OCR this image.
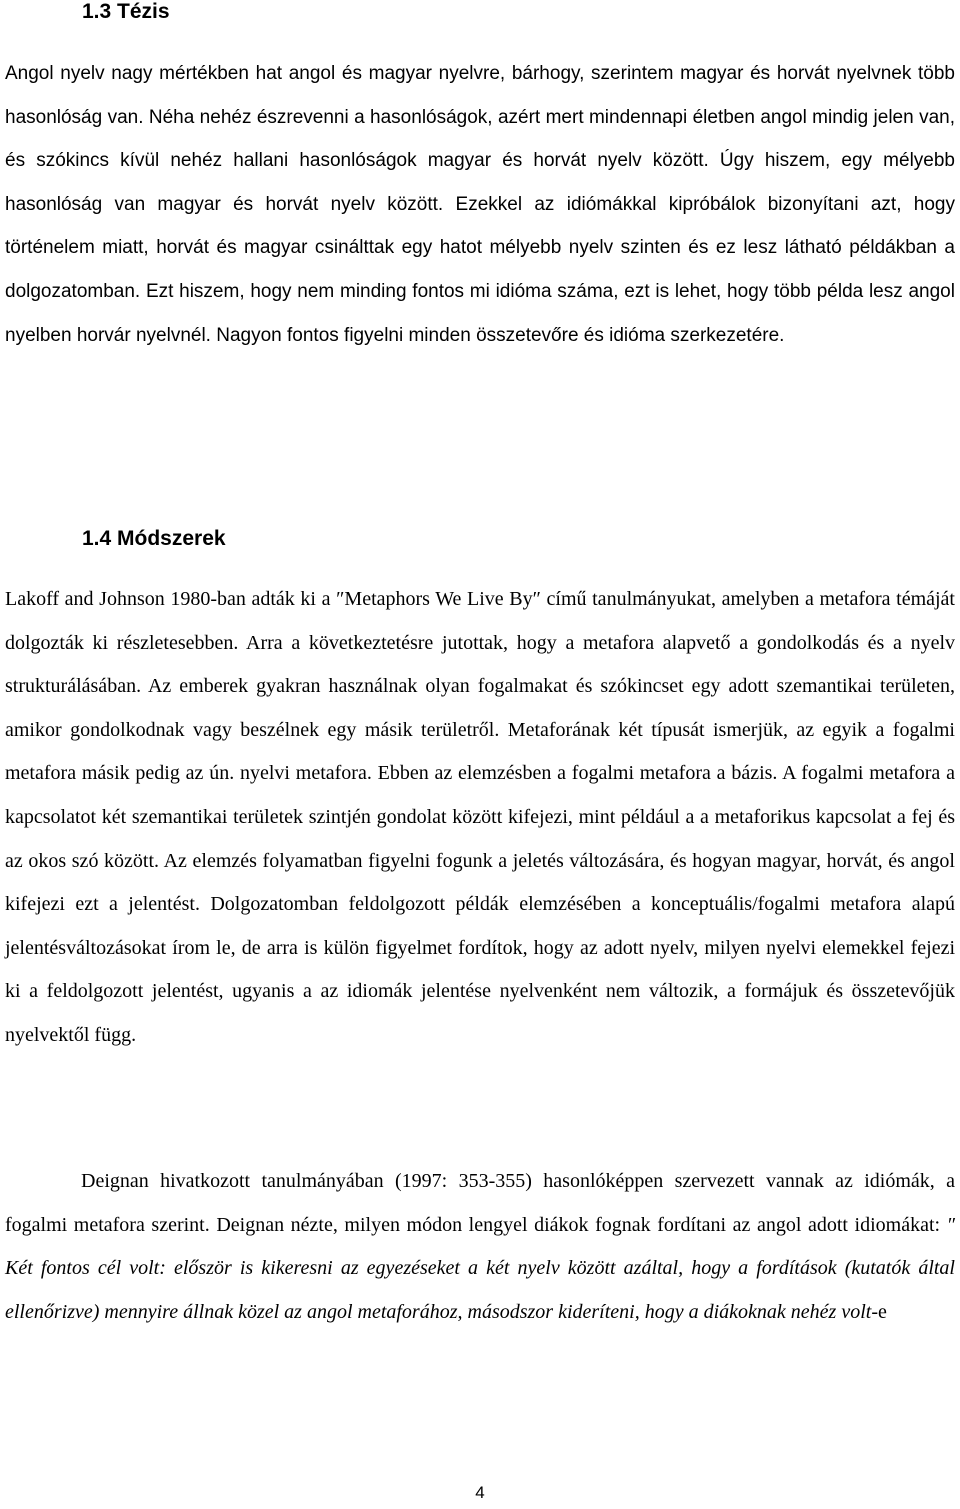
1.3 Tézis

Angol nyelv nagy mértékben hat angol és magyar nyelvre, bárhogy, szerintem magyar és horvát nyelvnek több hasonlóság van. Néha nehéz észrevenni a hasonlóságok, azért mert mindennapi életben angol mindig jelen van, és szókincs kívül nehéz hallani hasonlóságok magyar és horvát nyelv között. Úgy hiszem, egy mélyebb hasonlóság van magyar és horvát nyelv között. Ezekkel az idiómákkal kipróbálok bizonyítani azt, hogy történelem miatt, horvát és magyar csinálttak egy hatot mélyebb nyelv szinten és ez lesz látható példákban a dolgozatomban. Ezt hiszem, hogy nem minding fontos mi idióma száma, ezt is lehet, hogy több példa lesz angol nyelben horvár nyelvnél. Nagyon fontos figyelni minden összetevőre és idióma szerkezetére.

1.4 Módszerek

Lakoff and Johnson 1980-ban adták ki a ″Metaphors We Live By″ című tanulmányukat, amelyben a metafora témáját dolgozták ki részletesebben. Arra a következtetésre jutottak, hogy a metafora alapvető a gondolkodás és a nyelv strukturálásában. Az emberek gyakran használnak olyan fogalmakat és szókincset egy adott szemantikai területen, amikor gondolkodnak vagy beszélnek egy másik területről. Metaforának két típusát ismerjük, az egyik a fogalmi metafora másik pedig az ún. nyelvi metafora. Ebben az elemzésben a fogalmi metafora a bázis. A fogalmi metafora a kapcsolatot két szemantikai területek szintjén gondolat között kifejezi, mint például a a metaforikus kapcsolat a fej és az okos szó között. Az elemzés folyamatban figyelni fogunk a jeletés változására, és hogyan magyar, horvát, és angol kifejezi ezt a jelentést. Dolgozatomban feldolgozott példák elemzésében a konceptuális/fogalmi metafora alapú jelentésváltozásokat írom le, de arra is külön figyelmet fordítok, hogy az adott nyelv, milyen nyelvi elemekkel fejezi ki a feldolgozott jelentést, ugyanis a az idiomák jelentése nyelvenként nem változik, a formájuk és összetevőjük nyelvektől függ.

Deignan hivatkozott tanulmányában (1997: 353-355) hasonlóképpen szervezett vannak az idiómák, a fogalmi metafora szerint. Deignan nézte, milyen módon lengyel diákok fognak fordítani az angol adott idiomákat: ″ Két fontos cél volt: először is kikeresni az egyezéseket a két nyelv között azáltal, hogy a fordítások (kutatók által ellenőrizve) mennyire állnak közel az angol metaforához, másodszor kideríteni, hogy a diákoknak nehéz volt-e

4
